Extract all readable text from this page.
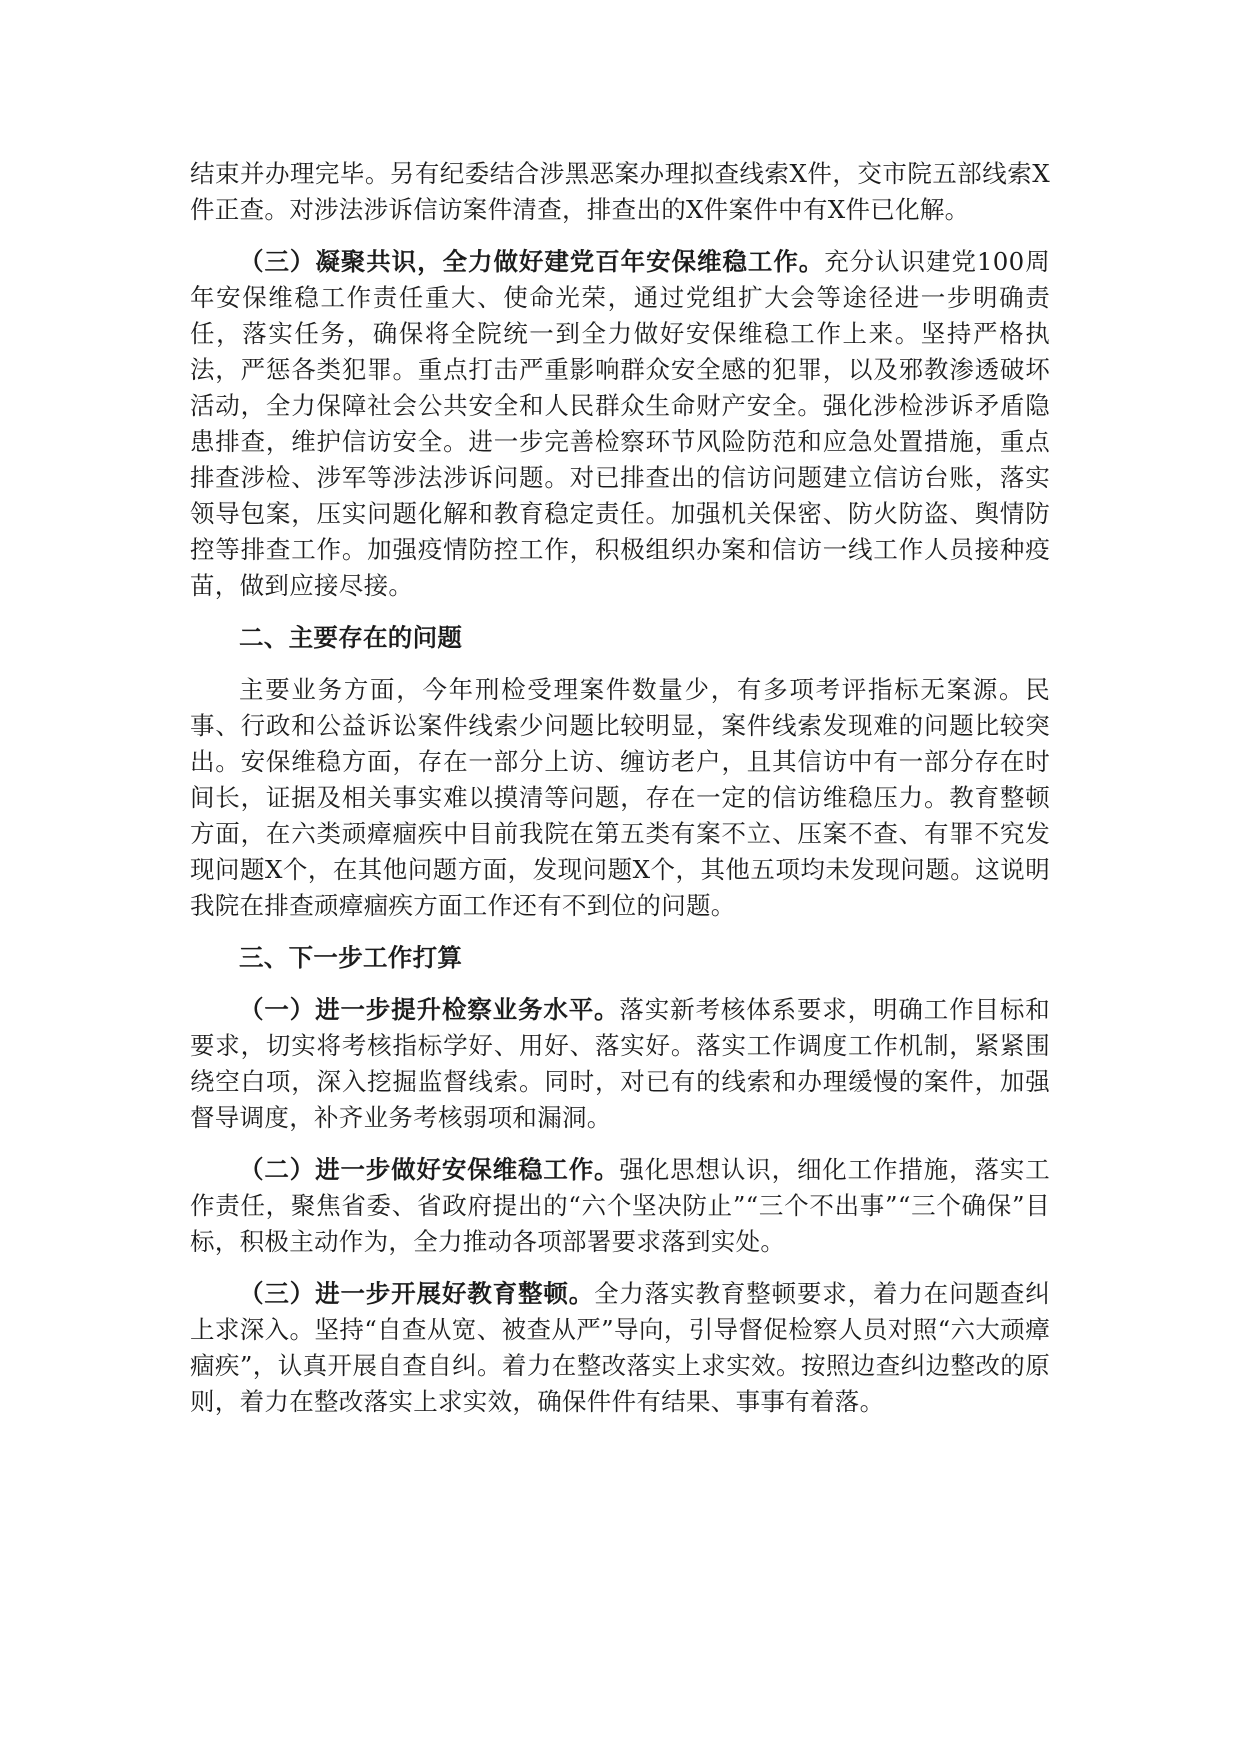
结束并办理完毕。另有纪委结合涉黑恶案办理拟查线索X件，交市院五部线索X件正查。对涉法涉诉信访案件清查，排查出的X件案件中有X件已化解。

（三）凝聚共识，全力做好建党百年安保维稳工作。充分认识建党100周年安保维稳工作责任重大、使命光荣，通过党组扩大会等途径进一步明确责任，落实任务，确保将全院统一到全力做好安保维稳工作上来。坚持严格执法，严惩各类犯罪。重点打击严重影响群众安全感的犯罪，以及邪教渗透破坏活动，全力保障社会公共安全和人民群众生命财产安全。强化涉检涉诉矛盾隐患排查，维护信访安全。进一步完善检察环节风险防范和应急处置措施，重点排查涉检、涉军等涉法涉诉问题。对已排查出的信访问题建立信访台账，落实领导包案，压实问题化解和教育稳定责任。加强机关保密、防火防盗、舆情防控等排查工作。加强疫情防控工作，积极组织办案和信访一线工作人员接种疫苗，做到应接尽接。

二、主要存在的问题

主要业务方面，今年刑检受理案件数量少，有多项考评指标无案源。民事、行政和公益诉讼案件线索少问题比较明显，案件线索发现难的问题比较突出。安保维稳方面，存在一部分上访、缠访老户，且其信访中有一部分存在时间长，证据及相关事实难以摸清等问题，存在一定的信访维稳压力。教育整顿方面，在六类顽瘴痼疾中目前我院在第五类有案不立、压案不查、有罪不究发现问题X个，在其他问题方面，发现问题X个，其他五项均未发现问题。这说明我院在排查顽瘴痼疾方面工作还有不到位的问题。

三、下一步工作打算

（一）进一步提升检察业务水平。落实新考核体系要求，明确工作目标和要求，切实将考核指标学好、用好、落实好。落实工作调度工作机制，紧紧围绕空白项，深入挖掘监督线索。同时，对已有的线索和办理缓慢的案件，加强督导调度，补齐业务考核弱项和漏洞。

（二）进一步做好安保维稳工作。强化思想认识，细化工作措施，落实工作责任，聚焦省委、省政府提出的“六个坚决防止”“三个不出事”“三个确保”目标，积极主动作为，全力推动各项部署要求落到实处。

（三）进一步开展好教育整顿。全力落实教育整顿要求，着力在问题查纠上求深入。坚持“自查从宽、被查从严”导向，引导督促检察人员对照“六大顽瘴痼疾”，认真开展自查自纠。着力在整改落实上求实效。按照边查纠边整改的原则，着力在整改落实上求实效，确保件件有结果、事事有着落。
